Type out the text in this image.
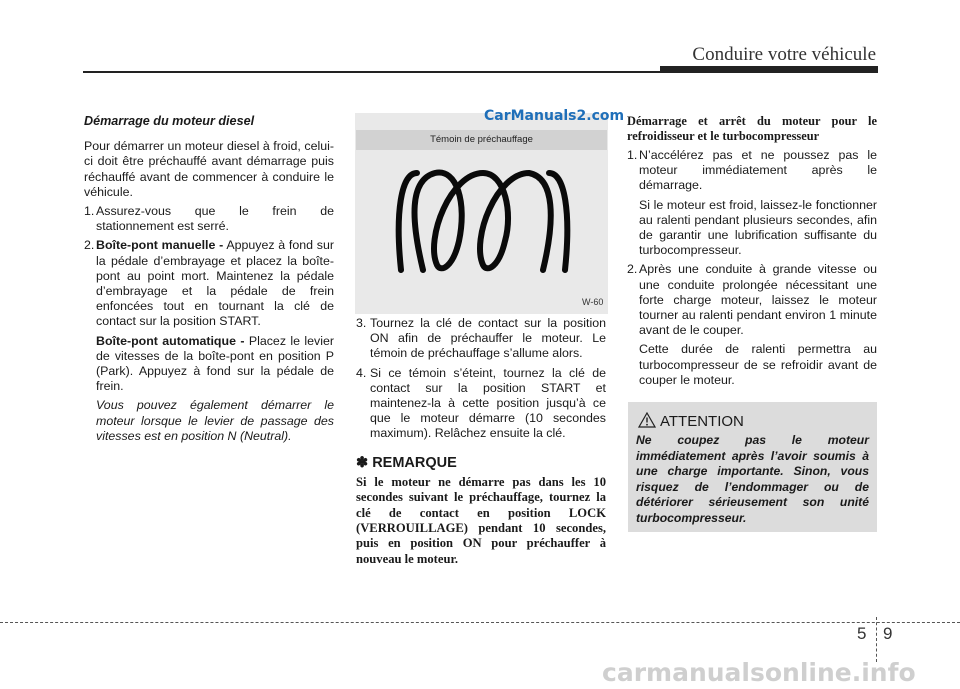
Conduire votre véhicule
Démarrage du moteur diesel

Pour démarrer un moteur diesel à froid, celui-ci doit être préchauffé avant démarrage puis réchauffé avant de commencer à conduire le véhicule.

1. Assurez-vous que le frein de stationnement est serré.
2. Boîte-pont manuelle - Appuyez à fond sur la pédale d’embrayage et placez la boîte-pont au point mort. Maintenez la pédale d’embrayage et la pédale de frein enfoncées tout en tournant la clé de contact sur la position START.

Boîte-pont automatique - Placez le levier de vitesses de la boîte-pont en position P (Park). Appuyez à fond sur la pédale de frein.

Vous pouvez également démarrer le moteur lorsque le levier de passage des vitesses est en position N (Neutral).

Témoin de préchauffage
CarManuals2.com
W-60
3. Tournez la clé de contact sur la position ON afin de préchauffer le moteur. Le témoin de préchauffage s’allume alors.
4. Si ce témoin s’éteint, tournez la clé de contact sur la position START et maintenez-la à cette position jusqu’à ce que le moteur démarre (10 secondes maximum). Relâchez ensuite la clé.
✽ REMARQUE
Si le moteur ne démarre pas dans les 10 secondes suivant le préchauffage, tournez la clé de contact en position LOCK (VERROUILLAGE) pendant 10 secondes, puis en position ON pour préchauffer à nouveau le moteur.
Démarrage et arrêt du moteur pour le refroidisseur et le turbocompresseur
1. N’accélérez pas et ne poussez pas le moteur immédiatement après le démarrage.

Si le moteur est froid, laissez-le fonctionner au ralenti pendant plusieurs secondes, afin de garantir une lubrification suffisante du turbocompresseur.

2. Après une conduite à grande vitesse ou une conduite prolongée nécessitant une forte charge moteur, laissez le moteur tourner au ralenti pendant environ 1 minute avant de le couper.

Cette durée de ralenti permettra au turbocompresseur de se refroidir avant de couper le moteur.

ATTENTION
Ne coupez pas le moteur immédiatement après l’avoir soumis à une charge importante. Sinon, vous risquez de l’endommager ou de détériorer sérieusement son unité turbocompresseur.
5 9
carmanualsonline.info
